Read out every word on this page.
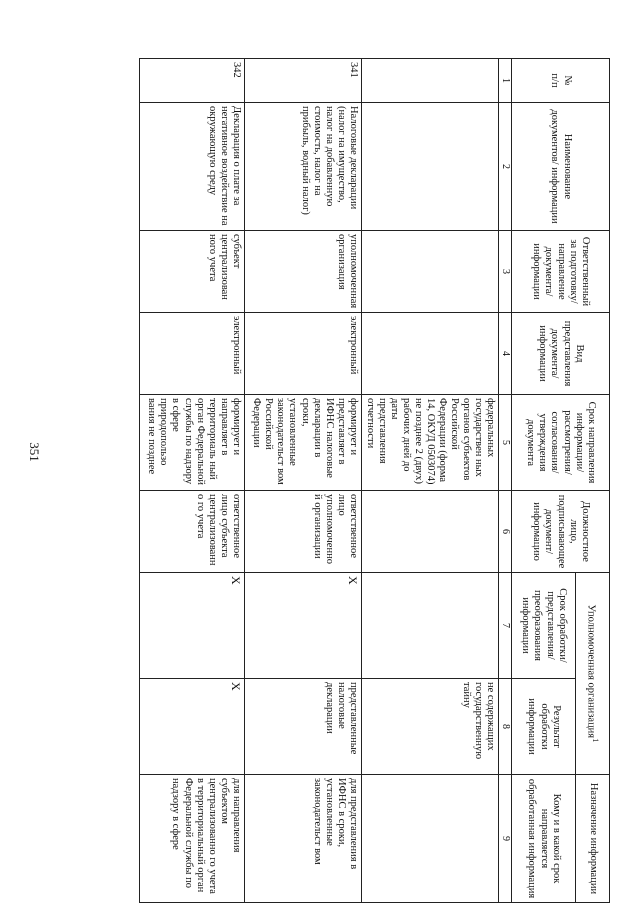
351
№
п/п	Наименование документов/ информации	Ответственный за подготовку/ направление документа/ информации	Вид представления документа/ информации	Срок направления информации/ рассмотрения/ согласования/ утверждения документа	Должностное лицо, подписывающее документ/ информацию	Уполномоченная организация$^1$		Назначение информации
						Срок обработки/ представления/ преобразования информации	Результат обработки информации	Кому и в какой срок направляется обработанная информация
1	2	3	4	5	6	7	8	9
				федеральных государствен ных органов субъектов Российской Федерации (форма 14, ОКУД 0503074) не позднее 2 (двух) рабочих дней до даты представления отчетности			не содержащих государственную тайну	
341	Налоговые декларации (налог на имущество, налог на добавленную стоимость, налог на прибыль, водный налог)	уполномоченная организация	электронный	формирует и представляет в ИФНС налоговые декларации в сроки, установленные законодательст вом Российской Федерации	ответственное лицо уполномоченной организации	X	представленные налоговые декларации	для представления в ИФНС в сроки, установленные законодательст вом
342	Декларация о плате за негативное воздействие на окружающую среду	субъект централизован ного учета	электронный	формирует и направляет в территориаль ный орган Федеральной службы по надзору в сфере природопользо вания не позднее	ответственное лицо субъекта централизованно го учета	X	X	для направления субъектом централизованно го учета в территориальный орган Федеральной службы по надзору в сфере
